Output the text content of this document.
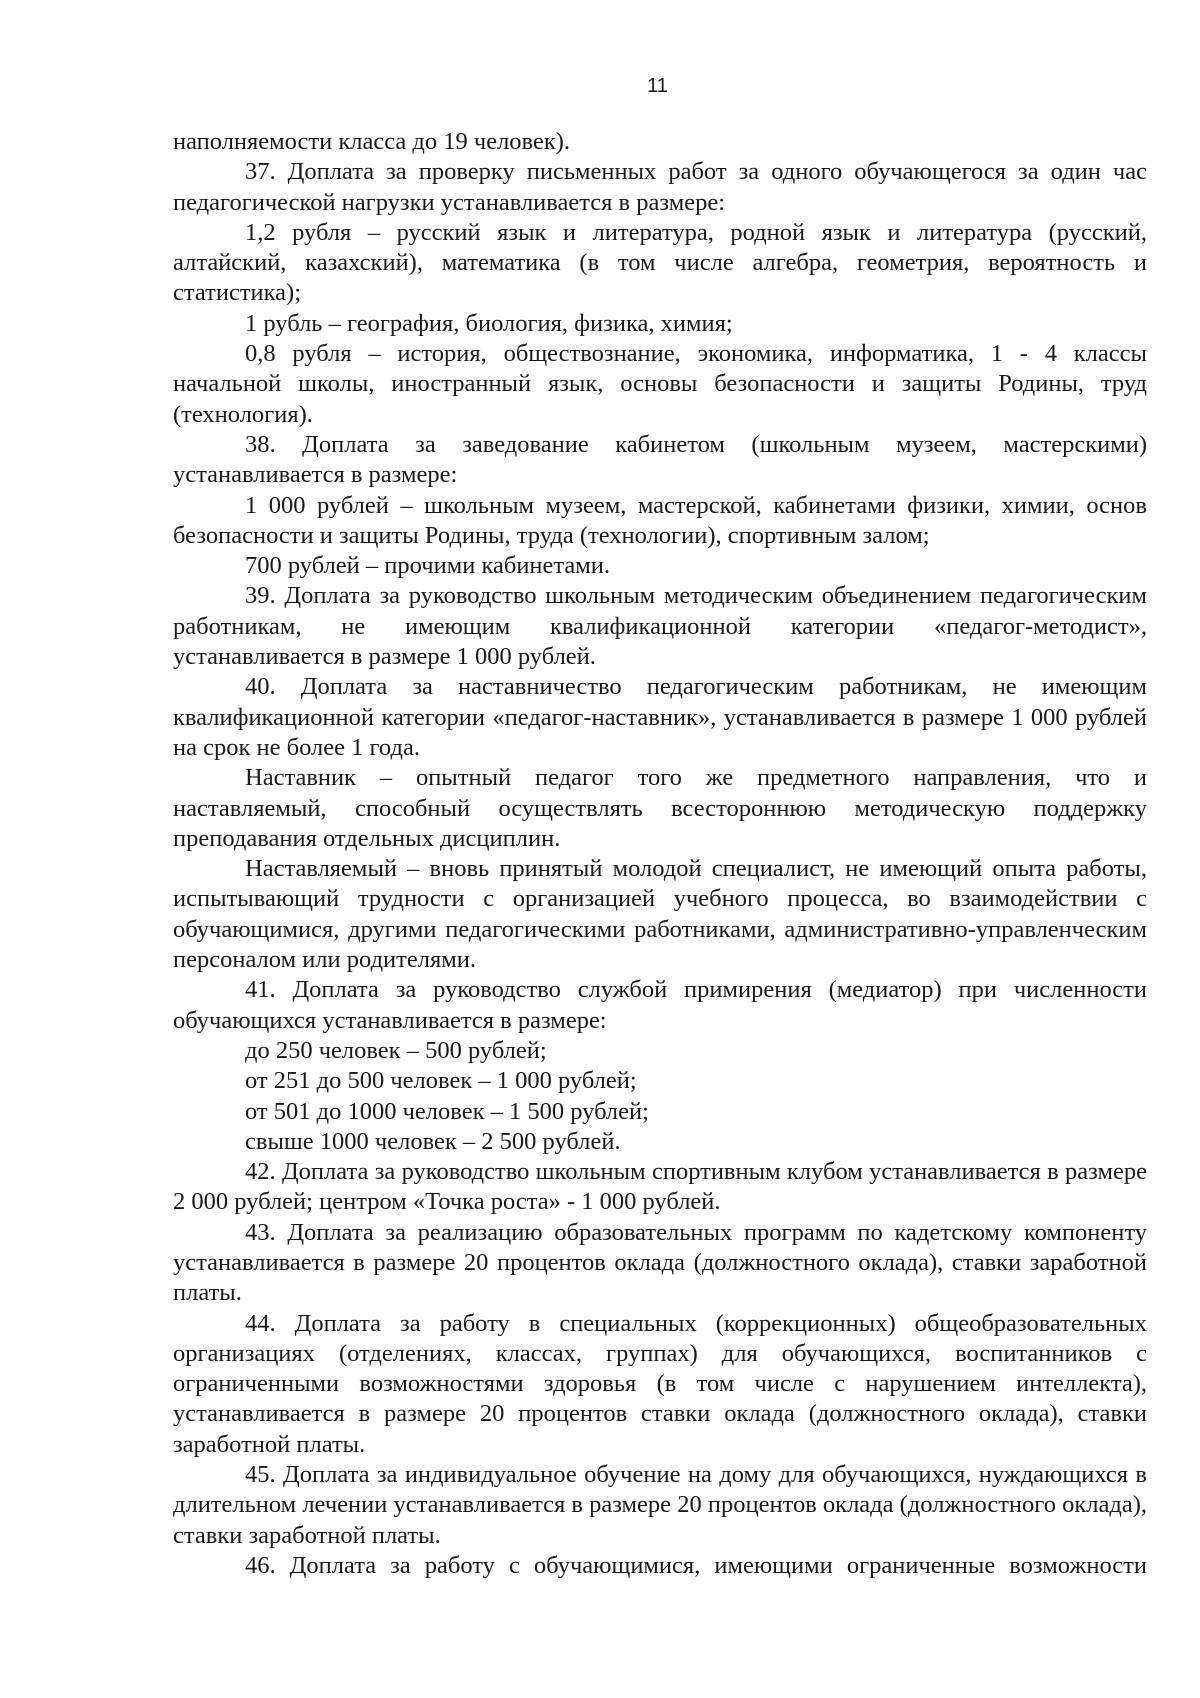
11

наполняемости класса до 19 человек).

37. Доплата за проверку письменных работ за одного обучающегося за один час педагогической нагрузки устанавливается в размере:

1,2 рубля – русский язык и литература, родной язык и литература (русский, алтайский, казахский), математика (в том числе алгебра, геометрия, вероятность и статистика);

1 рубль – география, биология, физика, химия;

0,8 рубля – история, обществознание, экономика, информатика, 1 - 4 классы начальной школы, иностранный язык, основы безопасности и защиты Родины, труд (технология).

38. Доплата за заведование кабинетом (школьным музеем, мастерскими) устанавливается в размере:

1 000 рублей – школьным музеем, мастерской, кабинетами физики, химии, основ безопасности и защиты Родины, труда (технологии), спортивным залом;

700 рублей – прочими кабинетами.

39. Доплата за руководство школьным методическим объединением педагогическим работникам, не имеющим квалификационной категории «педагог-методист», устанавливается в размере 1 000 рублей.

40. Доплата за наставничество педагогическим работникам, не имеющим квалификационной категории «педагог-наставник», устанавливается в размере 1 000 рублей на срок не более 1 года.

Наставник – опытный педагог того же предметного направления, что и наставляемый, способный осуществлять всестороннюю методическую поддержку преподавания отдельных дисциплин.

Наставляемый – вновь принятый молодой специалист, не имеющий опыта работы, испытывающий трудности с организацией учебного процесса, во взаимодействии с обучающимися, другими педагогическими работниками, административно-управленческим персоналом или родителями.

41. Доплата за руководство службой примирения (медиатор) при численности обучающихся устанавливается в размере:

до 250 человек – 500 рублей;

от 251 до 500 человек – 1 000 рублей;

от 501 до 1000 человек – 1 500 рублей;

свыше 1000 человек – 2 500 рублей.

42. Доплата за руководство школьным спортивным клубом устанавливается в размере 2 000 рублей; центром «Точка роста» - 1 000 рублей.

43. Доплата за реализацию образовательных программ по кадетскому компоненту устанавливается в размере 20 процентов оклада (должностного оклада), ставки заработной платы.

44. Доплата за работу в специальных (коррекционных) общеобразовательных организациях (отделениях, классах, группах) для обучающихся, воспитанников с ограниченными возможностями здоровья (в том числе с нарушением интеллекта), устанавливается в размере 20 процентов ставки оклада (должностного оклада), ставки заработной платы.

45. Доплата за индивидуальное обучение на дому для обучающихся, нуждающихся в длительном лечении устанавливается в размере 20 процентов оклада (должностного оклада), ставки заработной платы.

46. Доплата за работу с обучающимися, имеющими ограниченные возможности
